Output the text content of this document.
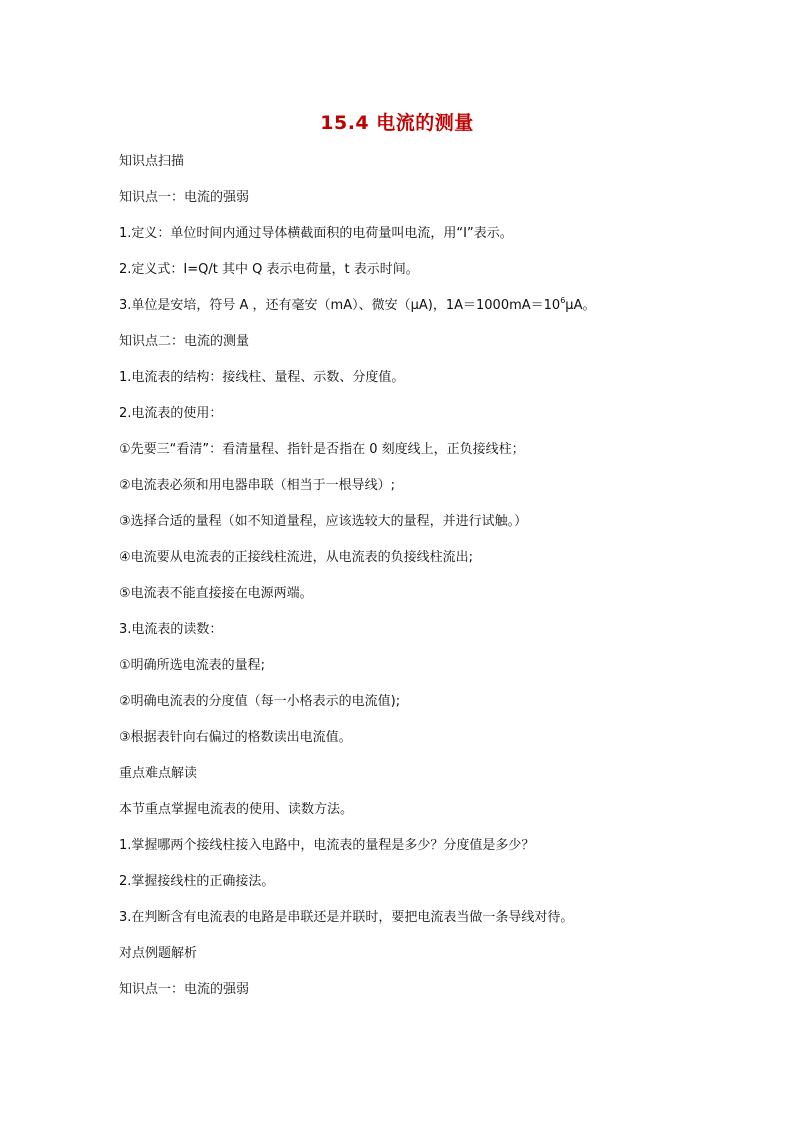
15.4 电流的测量
知识点扫描
知识点一：电流的强弱
1.定义：单位时间内通过导体横截面积的电荷量叫电流，用“I”表示。
2.定义式：I=Q/t 其中 Q 表示电荷量，t 表示时间。
3.单位是安培，符号 A ，还有毫安（mA）、微安（μA)，$1A=1000mA=10^6\mu A$。
知识点二：电流的测量
1.电流表的结构：接线柱、量程、示数、分度值。
2.电流表的使用：
①先要三“看清”：看清量程、指针是否指在 0 刻度线上，正负接线柱；
②电流表必须和用电器串联（相当于一根导线）;
③选择合适的量程（如不知道量程，应该选较大的量程，并进行试触。）
④电流要从电流表的正接线柱流进，从电流表的负接线柱流出;
⑤电流表不能直接接在电源两端。
3.电流表的读数：
①明确所选电流表的量程;
②明确电流表的分度值（每一小格表示的电流值);
③根据表针向右偏过的格数读出电流值。
重点难点解读
本节重点掌握电流表的使用、读数方法。
1.掌握哪两个接线柱接入电路中，电流表的量程是多少？分度值是多少？
2.掌握接线柱的正确接法。
3.在判断含有电流表的电路是串联还是并联时，要把电流表当做一条导线对待。
对点例题解析
知识点一：电流的强弱
